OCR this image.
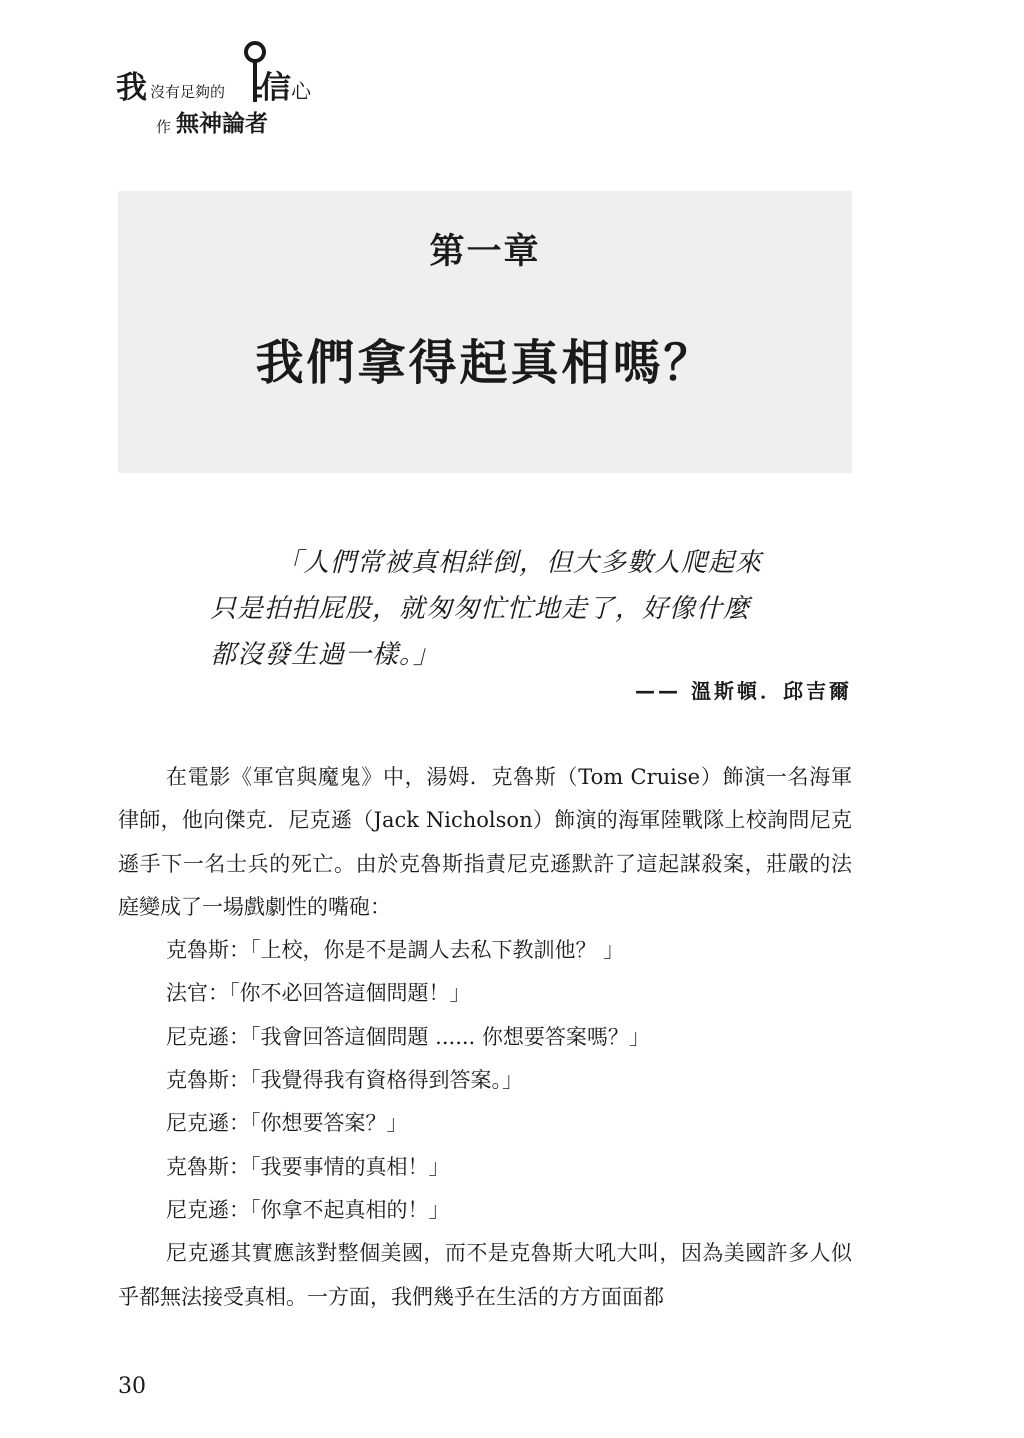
我 沒有足夠的 信心
作 無神論者
第一章
我們拿得起真相嗎？
「人們常被真相絆倒，但大多數人爬起來
只是拍拍屁股，就匆匆忙忙地走了，好像什麼
都沒發生過一樣。」
—— 溫斯頓．邱吉爾

在電影《軍官與魔鬼》中，湯姆．克魯斯（Tom Cruise）飾演一名海軍律師，他向傑克．尼克遜（Jack Nicholson）飾演的海軍陸戰隊上校詢問尼克遜手下一名士兵的死亡。由於克魯斯指責尼克遜默許了這起謀殺案，莊嚴的法庭變成了一場戲劇性的嘴砲：

克魯斯：「上校，你是不是調人去私下教訓他？ 」

法官：「你不必回答這個問題！」

尼克遜：「我會回答這個問題 ...... 你想要答案嗎？」

克魯斯：「我覺得我有資格得到答案。」

尼克遜：「你想要答案？」

克魯斯：「我要事情的真相！」

尼克遜：「你拿不起真相的！」

尼克遜其實應該對整個美國，而不是克魯斯大吼大叫，因為美國許多人似乎都無法接受真相。一方面，我們幾乎在生活的方方面面都

30
